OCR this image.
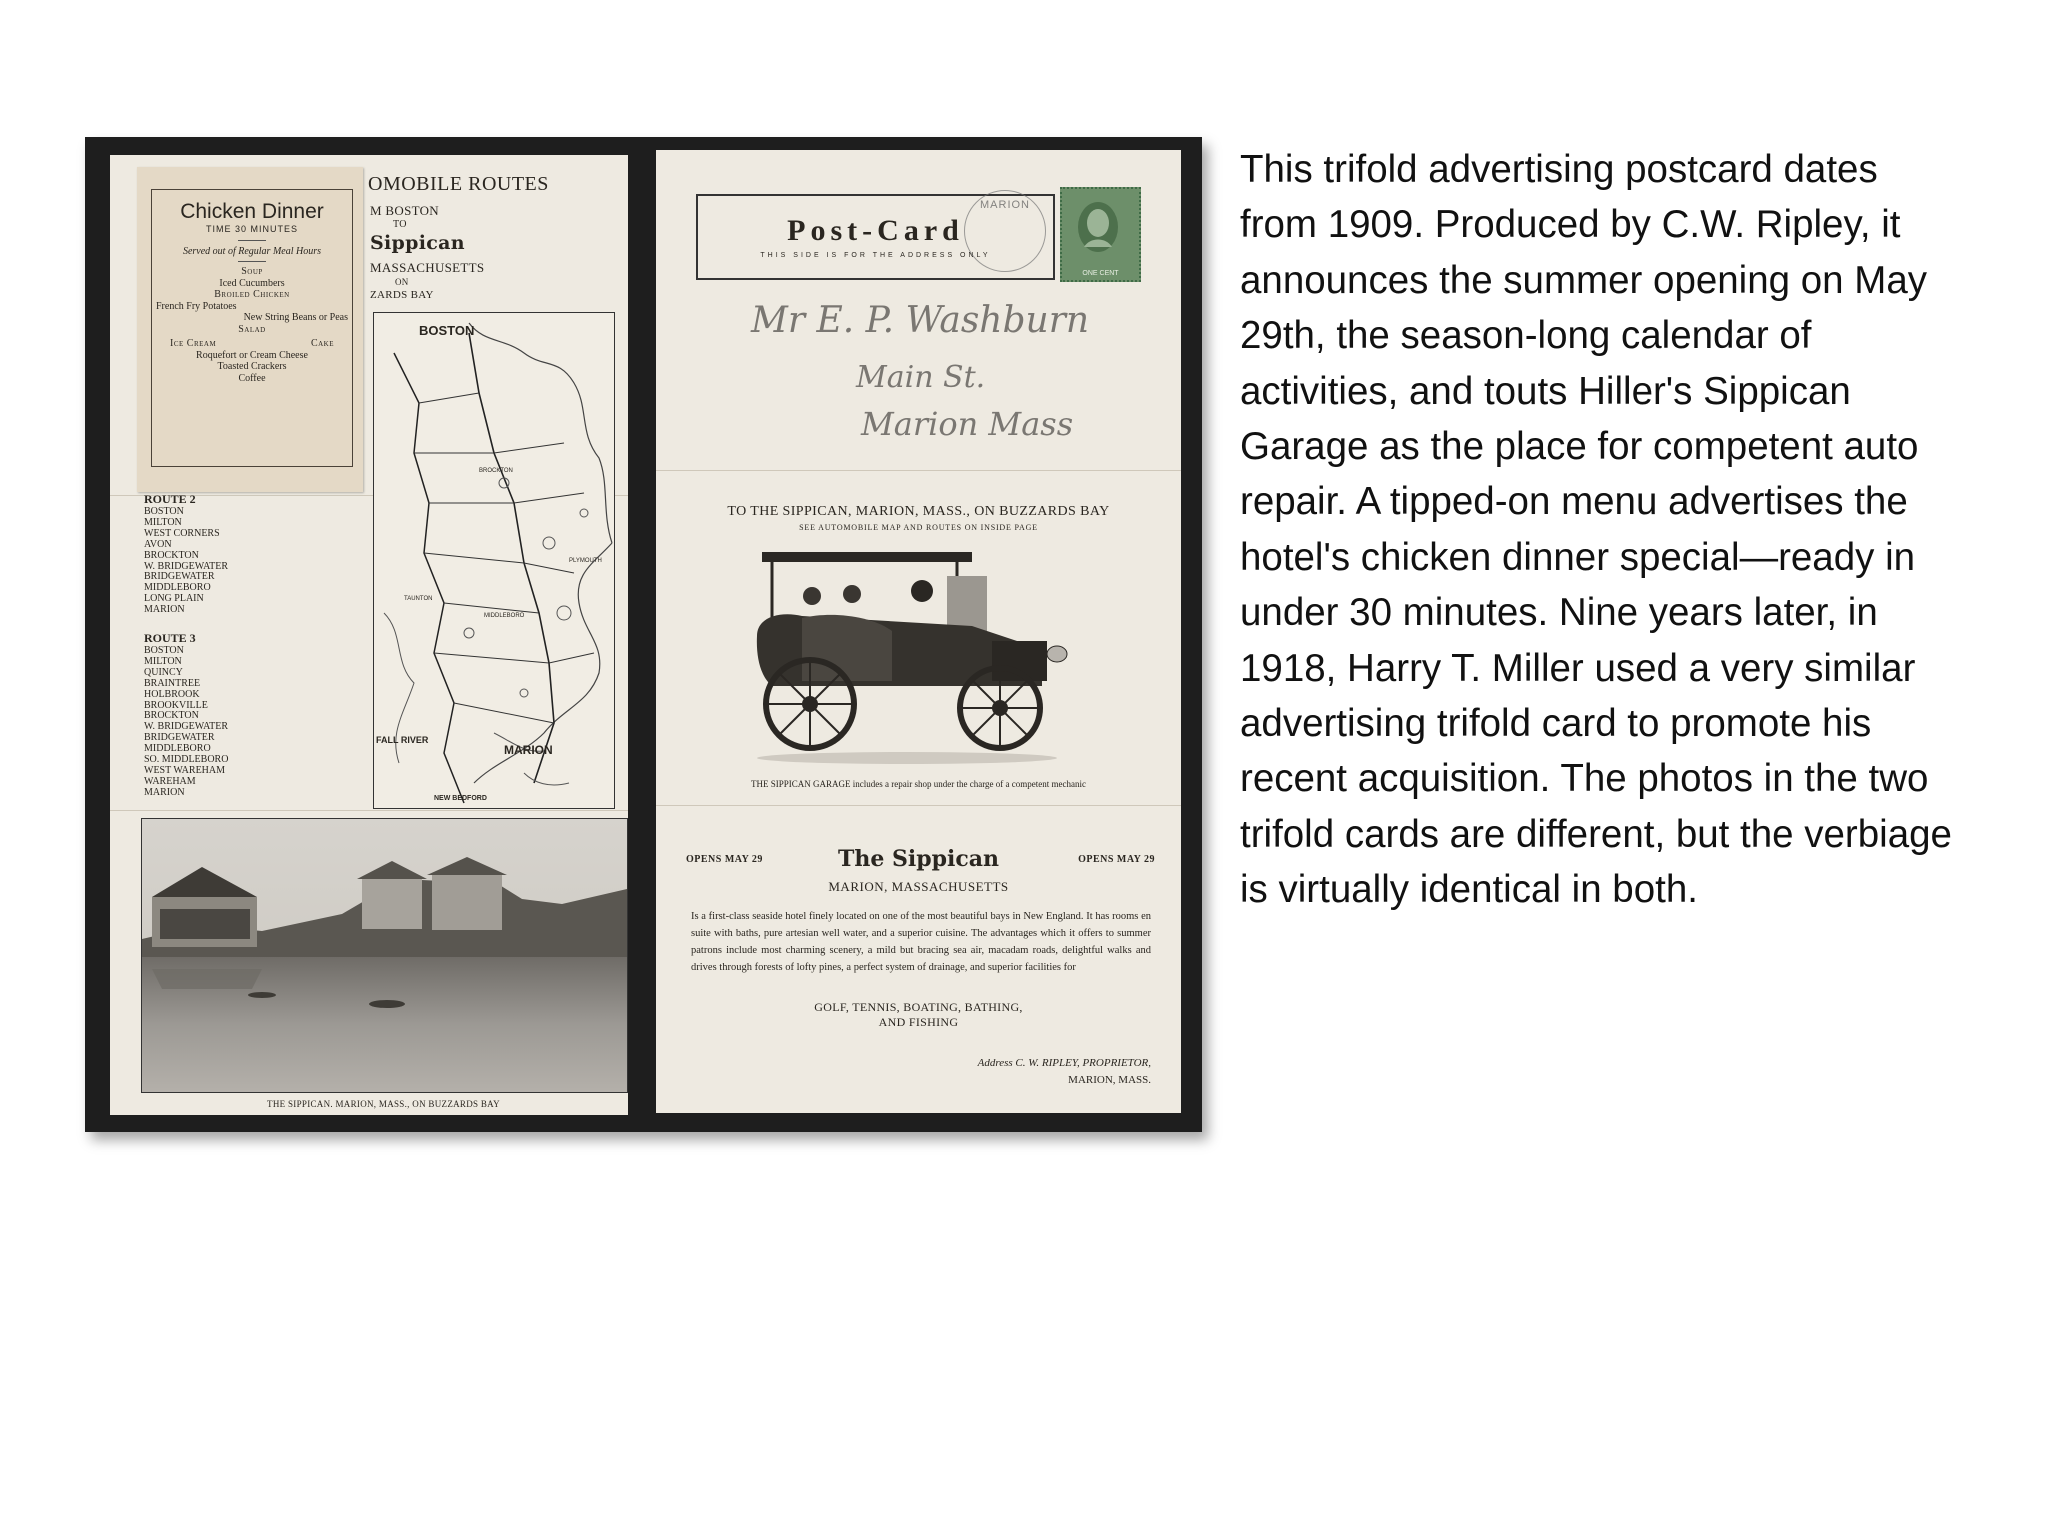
OMOBILE ROUTES
M BOSTON
TO
Sippican
MASSACHUSETTS
ON
ZARDS BAY
ROUTE 2
BOSTON
MILTON
WEST CORNERS
AVON
BROCKTON
W. BRIDGEWATER
BRIDGEWATER
MIDDLEBORO
LONG PLAIN
MARION
ROUTE 3
BOSTON
MILTON
QUINCY
BRAINTREE
HOLBROOK
BROOKVILLE
BROCKTON
W. BRIDGEWATER
BRIDGEWATER
MIDDLEBORO
SO. MIDDLEBORO
WEST WAREHAM
WAREHAM
MARION
BOSTON
BROCKTON
TAUNTON
MIDDLEBORO
PLYMOUTH
FALL RIVER
MARION
NEW BEDFORD
Chicken Dinner
TIME 30 MINUTES
Served out of Regular Meal Hours
Soup
Iced Cucumbers
Broiled Chicken
French Fry Potatoes
New String Beans or Peas
Salad
Ice Cream	Cake
Roquefort or Cream Cheese
Toasted Crackers
Coffee
THE SIPPICAN. MARION, MASS., ON BUZZARDS BAY
Post-Card
THIS SIDE IS FOR THE ADDRESS ONLY
MARION
ONE CENT
Mr E. P. Washburn
Main St.
Marion Mass
TO THE SIPPICAN, MARION, MASS., ON BUZZARDS BAY
SEE AUTOMOBILE MAP AND ROUTES ON INSIDE PAGE
THE SIPPICAN GARAGE includes a repair shop under the charge of a competent mechanic
OPENS MAY 29	OPENS MAY 29
The Sippican
MARION, MASSACHUSETTS
Is a first-class seaside hotel finely located on one of the most beautiful bays in New England. It has rooms en suite with baths, pure artesian well water, and a superior cuisine. The advantages which it offers to summer patrons include most charming scenery, a mild but bracing sea air, macadam roads, delightful walks and drives through forests of lofty pines, a perfect system of drainage, and superior facilities for
GOLF, TENNIS, BOATING, BATHING,
AND FISHING
Address C. W. RIPLEY, PROPRIETOR,
MARION, MASS.
This trifold advertising postcard dates from 1909. Produced by C.W. Ripley, it announces the summer opening on May 29th, the season-long calendar of activities, and touts Hiller's Sippican Garage as the place for competent auto repair. A tipped-on menu advertises the hotel's chicken dinner special—ready in under 30 minutes. Nine years later, in 1918, Harry T. Miller used a very similar advertising trifold card to promote his recent acquisition. The photos in the two trifold cards are different, but the verbiage is virtually identical in both.
